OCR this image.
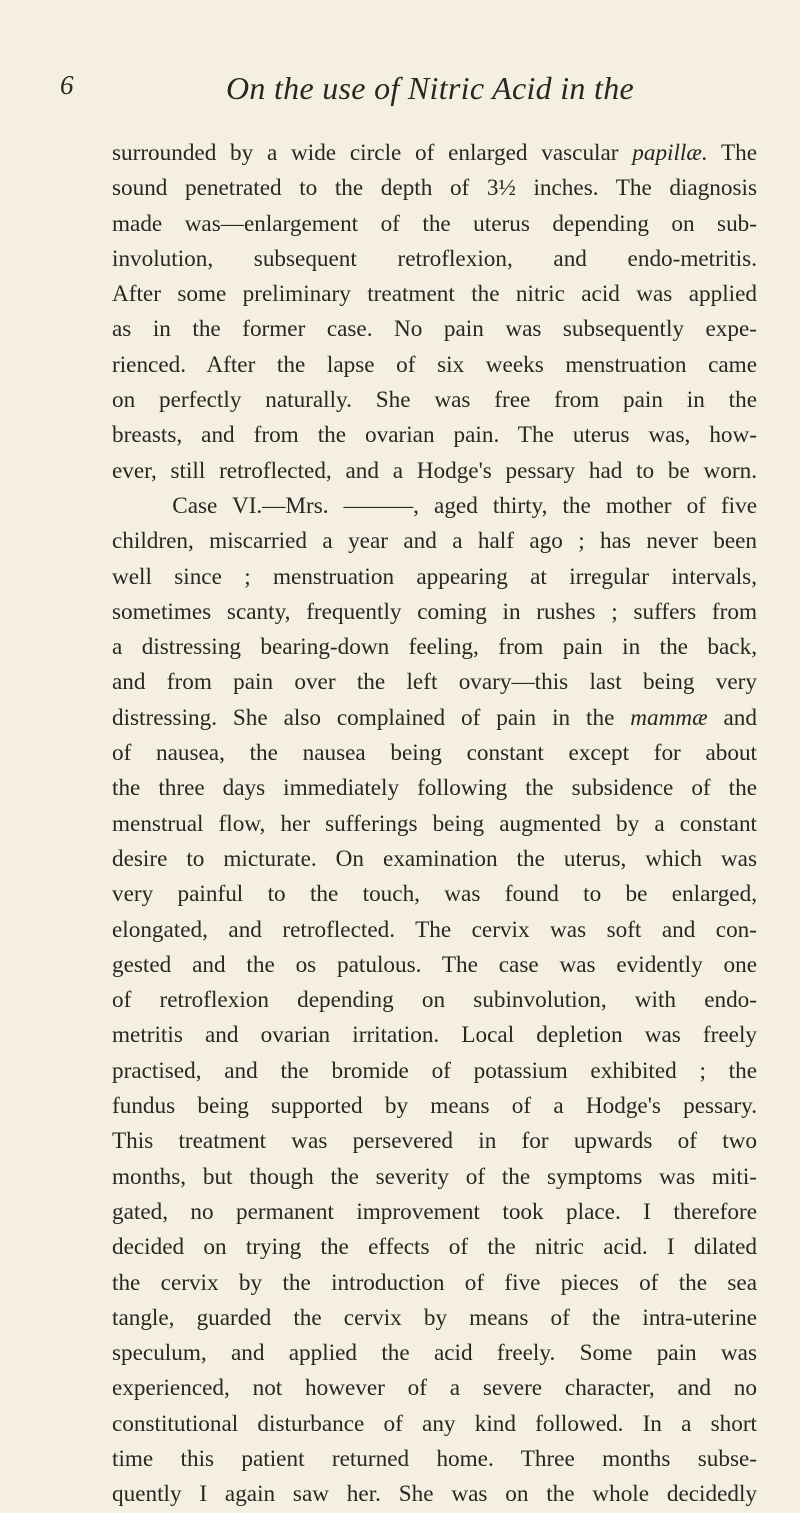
6	On the use of Nitric Acid in the
surrounded by a wide circle of enlarged vascular papillæ. The
sound penetrated to the depth of 3½ inches. The diagnosis
made was—enlargement of the uterus depending on sub-
involution, subsequent retroflexion, and endo-metritis.
After some preliminary treatment the nitric acid was applied
as in the former case. No pain was subsequently expe-
rienced. After the lapse of six weeks menstruation came
on perfectly naturally. She was free from pain in the
breasts, and from the ovarian pain. The uterus was, how-
ever, still retroflected, and a Hodge's pessary had to be worn.
Case VI.—Mrs. ———, aged thirty, the mother of five
children, miscarried a year and a half ago ; has never been
well since ; menstruation appearing at irregular intervals,
sometimes scanty, frequently coming in rushes ; suffers from
a distressing bearing-down feeling, from pain in the back,
and from pain over the left ovary—this last being very
distressing. She also complained of pain in the mammæ and
of nausea, the nausea being constant except for about
the three days immediately following the subsidence of the
menstrual flow, her sufferings being augmented by a constant
desire to micturate. On examination the uterus, which was
very painful to the touch, was found to be enlarged,
elongated, and retroflected. The cervix was soft and con-
gested and the os patulous. The case was evidently one
of retroflexion depending on subinvolution, with endo-
metritis and ovarian irritation. Local depletion was freely
practised, and the bromide of potassium exhibited ; the
fundus being supported by means of a Hodge's pessary.
This treatment was persevered in for upwards of two
months, but though the severity of the symptoms was miti-
gated, no permanent improvement took place. I therefore
decided on trying the effects of the nitric acid. I dilated
the cervix by the introduction of five pieces of the sea
tangle, guarded the cervix by means of the intra-uterine
speculum, and applied the acid freely. Some pain was
experienced, not however of a severe character, and no
constitutional disturbance of any kind followed. In a short
time this patient returned home. Three months subse-
quently I again saw her. She was on the whole decidedly
